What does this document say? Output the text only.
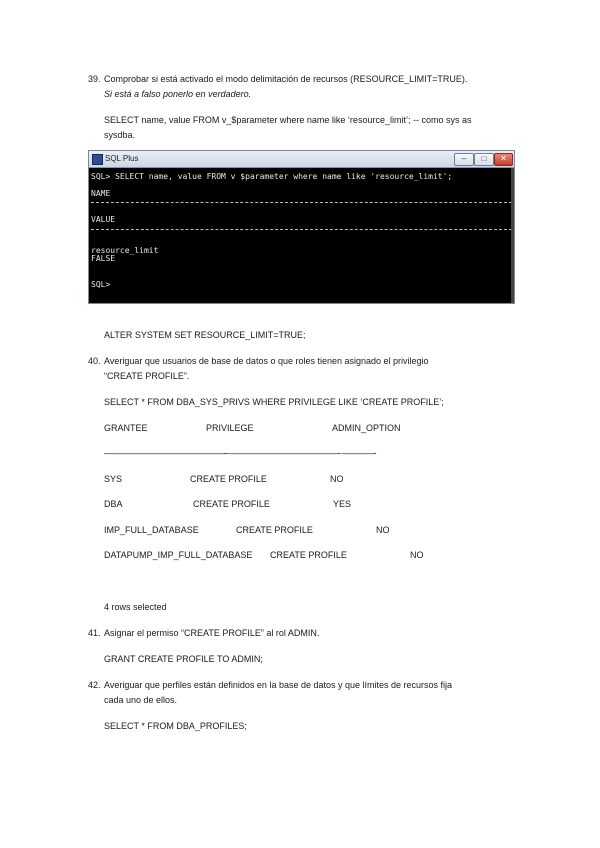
39. Comprobar si está activado el modo delimitación de recursos (RESOURCE_LIMIT=TRUE).
Si está a falso ponerlo en verdadero.
SELECT name, value FROM v_$parameter where name like ‘resource_limit’; -- como sys as
sysdba.
SQL Plus	–	□	✕
SQL> SELECT name, value FROM v $parameter where name like 'resource_limit';
NAME
VALUE
resource_limit
FALSE
SQL>
ALTER SYSTEM SET RESOURCE_LIMIT=TRUE;
40. Averiguar que usuarios de base de datos o que roles tienen asignado el privilegio
“CREATE PROFILE”.
SELECT * FROM DBA_SYS_PRIVS WHERE PRIVILEGE LIKE ‘CREATE PROFILE’;
GRANTEE	PRIVILEGE	ADMIN_OPTION
———————————————-——————————————- ————-
SYS	CREATE PROFILE	NO
DBA	CREATE PROFILE	YES
IMP_FULL_DATABASE	CREATE PROFILE	NO
DATAPUMP_IMP_FULL_DATABASE CREATE PROFILE	NO
4 rows selected
41. Asignar el permiso “CREATE PROFILE” al rol ADMIN.
GRANT CREATE PROFILE TO ADMIN;
42. Averiguar que perfiles están definidos en la base de datos y que límites de recursos fija
cada uno de ellos.
SELECT * FROM DBA_PROFILES;
